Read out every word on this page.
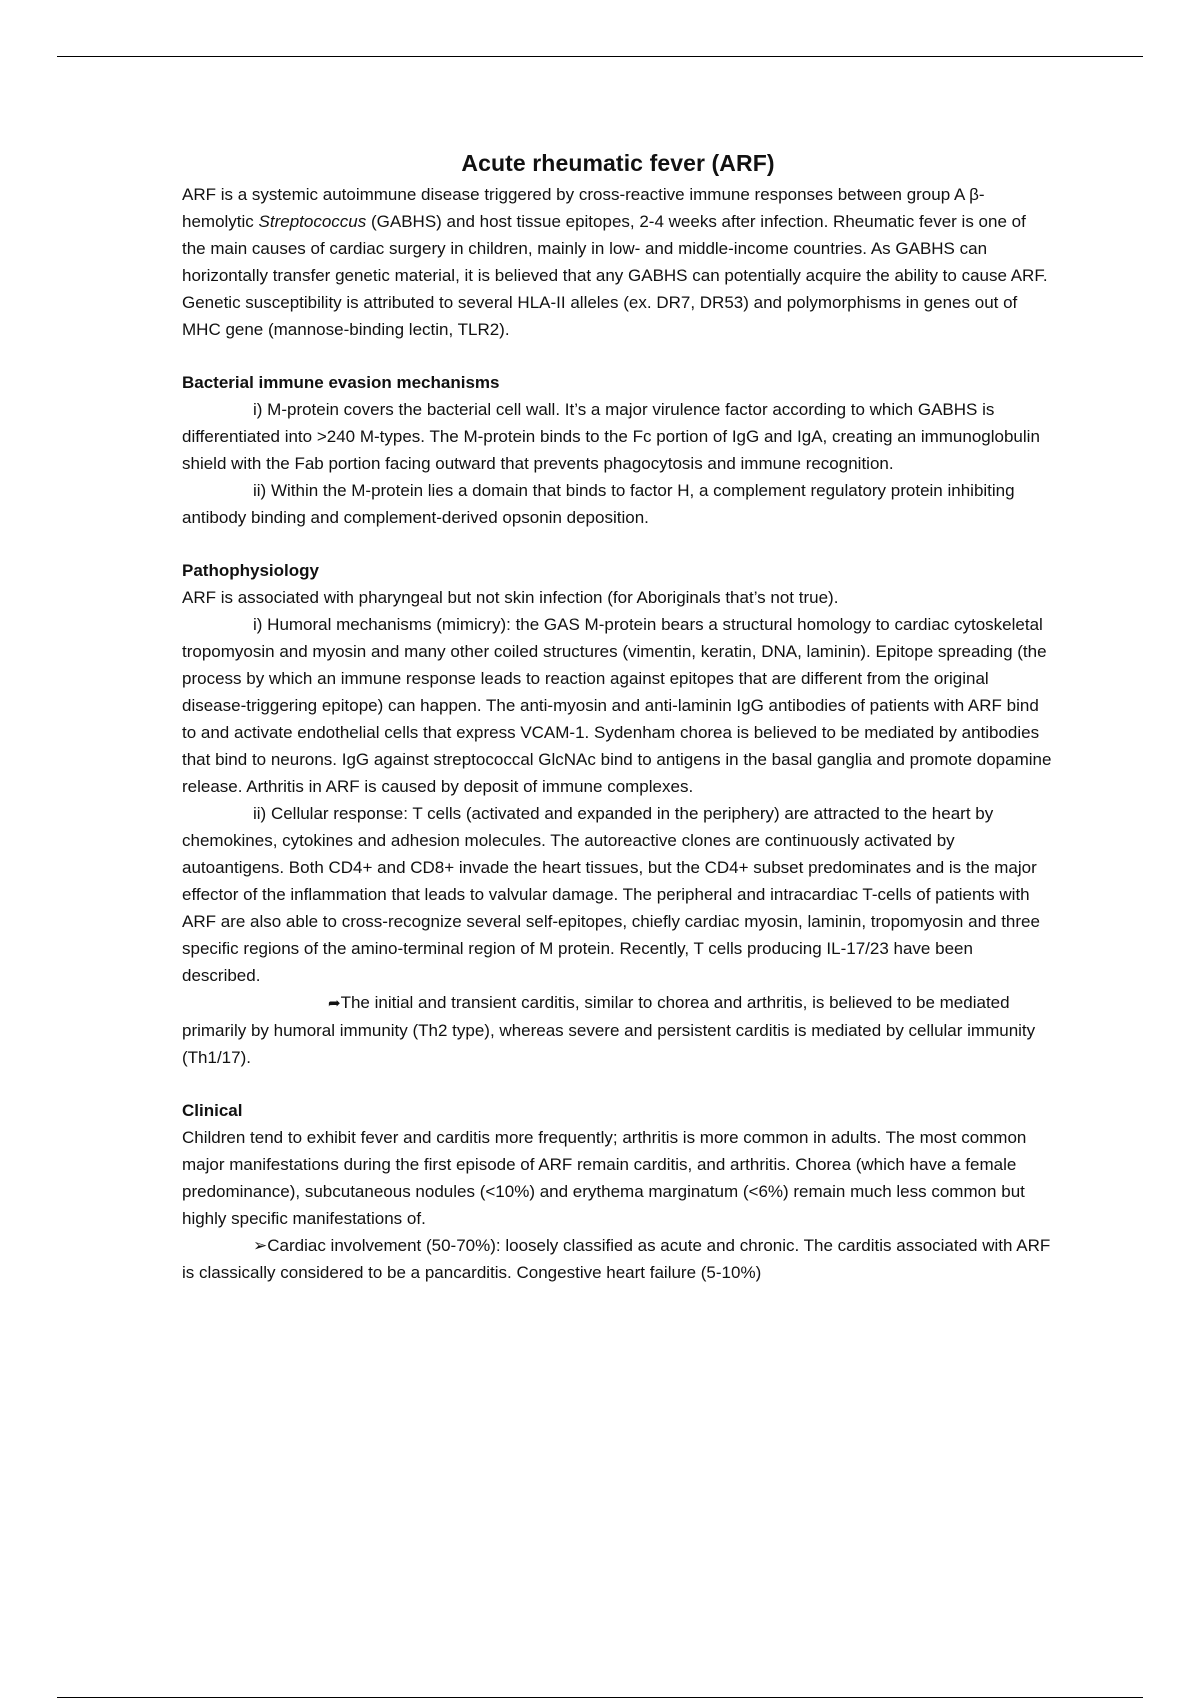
Acute rheumatic fever (ARF)

ARF is a systemic autoimmune disease triggered by cross-reactive immune responses between group A β-hemolytic Streptococcus (GABHS) and host tissue epitopes, 2-4 weeks after infection. Rheumatic fever is one of the main causes of cardiac surgery in children, mainly in low- and middle-income countries. As GABHS can horizontally transfer genetic material, it is believed that any GABHS can potentially acquire the ability to cause ARF. Genetic susceptibility is attributed to several HLA-II alleles (ex. DR7, DR53) and polymorphisms in genes out of MHC gene (mannose-binding lectin, TLR2).

Bacterial immune evasion mechanisms

i) M-protein covers the bacterial cell wall. It’s a major virulence factor according to which GABHS is differentiated into >240 M-types. The M-protein binds to the Fc portion of IgG and IgA, creating an immunoglobulin shield with the Fab portion facing outward that prevents phagocytosis and immune recognition.

ii) Within the M-protein lies a domain that binds to factor H, a complement regulatory protein inhibiting antibody binding and complement-derived opsonin deposition.

Pathophysiology

ARF is associated with pharyngeal but not skin infection (for Aboriginals that’s not true).

i) Humoral mechanisms (mimicry): the GAS M-protein bears a structural homology to cardiac cytoskeletal tropomyosin and myosin and many other coiled structures (vimentin, keratin, DNA, laminin). Epitope spreading (the process by which an immune response leads to reaction against epitopes that are different from the original disease-triggering epitope) can happen. The anti-myosin and anti-laminin IgG antibodies of patients with ARF bind to and activate endothelial cells that express VCAM-1. Sydenham chorea is believed to be mediated by antibodies that bind to neurons. IgG against streptococcal GlcNAc bind to antigens in the basal ganglia and promote dopamine release. Arthritis in ARF is caused by deposit of immune complexes.

ii) Cellular response: T cells (activated and expanded in the periphery) are attracted to the heart by chemokines, cytokines and adhesion molecules. The autoreactive clones are continuously activated by autoantigens. Both CD4+ and CD8+ invade the heart tissues, but the CD4+ subset predominates and is the major effector of the inflammation that leads to valvular damage. The peripheral and intracardiac T-cells of patients with ARF are also able to cross-recognize several self-epitopes, chiefly cardiac myosin, laminin, tropomyosin and three specific regions of the amino-terminal region of M protein. Recently, T cells producing IL-17/23 have been described.

➦The initial and transient carditis, similar to chorea and arthritis, is believed to be mediated primarily by humoral immunity (Th2 type), whereas severe and persistent carditis is mediated by cellular immunity (Th1/17).

Clinical

Children tend to exhibit fever and carditis more frequently; arthritis is more common in adults. The most common major manifestations during the first episode of ARF remain carditis, and arthritis. Chorea (which have a female predominance), subcutaneous nodules (<10%) and erythema marginatum (<6%) remain much less common but highly specific manifestations of.

➢Cardiac involvement (50-70%): loosely classified as acute and chronic. The carditis associated with ARF is classically considered to be a pancarditis. Congestive heart failure (5-10%)
